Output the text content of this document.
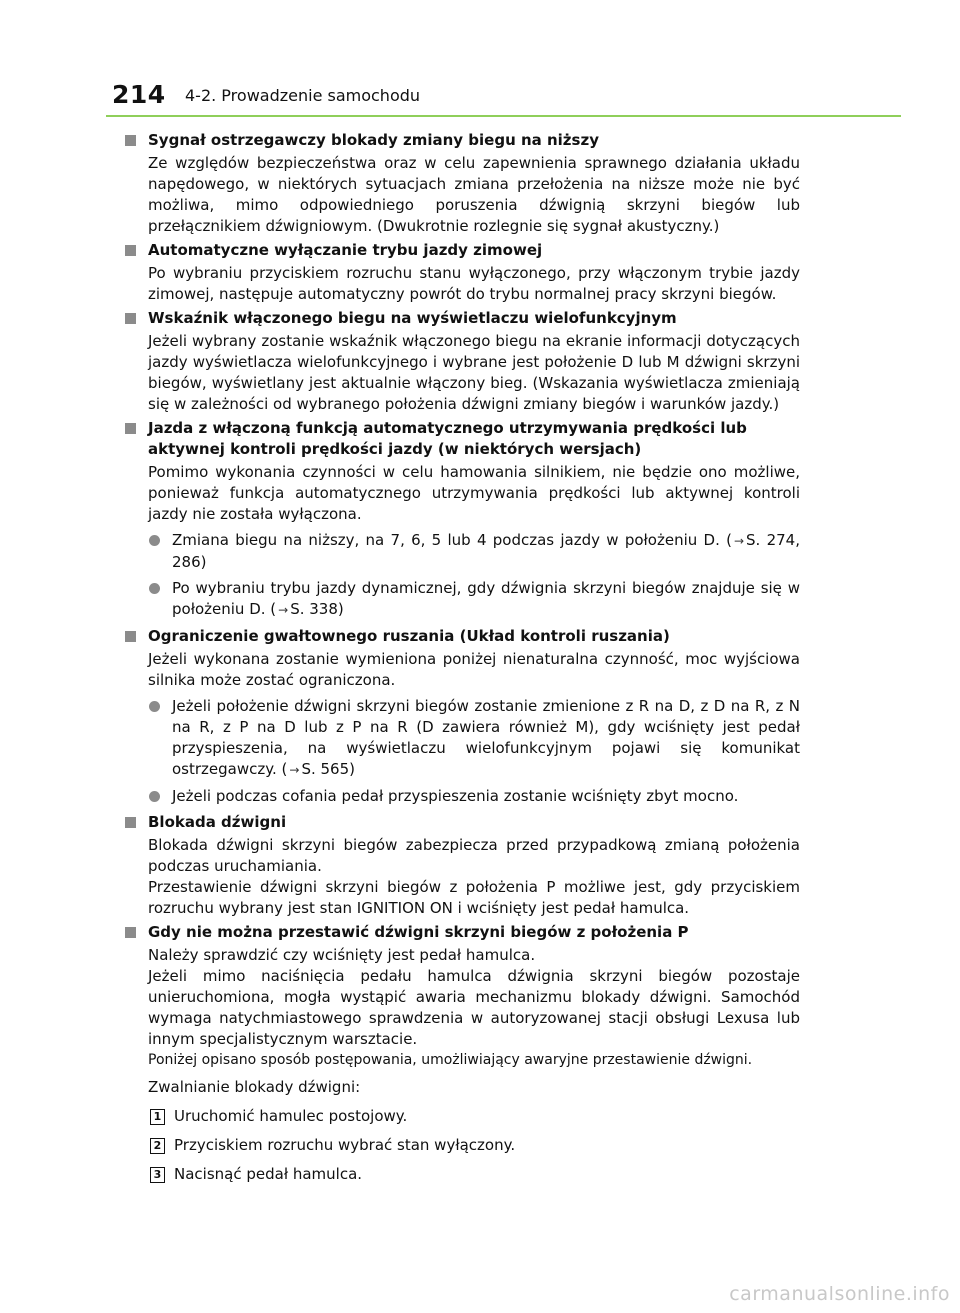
214 4-2. Prowadzenie samochodu
Sygnał ostrzegawczy blokady zmiany biegu na niższy
Ze względów bezpieczeństwa oraz w celu zapewnienia sprawnego działania układu napędowego, w niektórych sytuacjach zmiana przełożenia na niższe może nie być możliwa, mimo odpowiedniego poruszenia dźwignią skrzyni biegów lub przełącznikiem dźwigniowym. (Dwukrotnie rozlegnie się sygnał akustyczny.)
Automatyczne wyłączanie trybu jazdy zimowej
Po wybraniu przyciskiem rozruchu stanu wyłączonego, przy włączonym trybie jazdy zimowej, następuje automatyczny powrót do trybu normalnej pracy skrzyni biegów.
Wskaźnik włączonego biegu na wyświetlaczu wielofunkcyjnym
Jeżeli wybrany zostanie wskaźnik włączonego biegu na ekranie informacji dotyczących jazdy wyświetlacza wielofunkcyjnego i wybrane jest położenie D lub M dźwigni skrzyni biegów, wyświetlany jest aktualnie włączony bieg. (Wskazania wyświetlacza zmieniają się w zależności od wybranego położenia dźwigni zmiany biegów i warunków jazdy.)
Jazda z włączoną funkcją automatycznego utrzymywania prędkości lub aktywnej kontroli prędkości jazdy (w niektórych wersjach)
Pomimo wykonania czynności w celu hamowania silnikiem, nie będzie ono możliwe, ponieważ funkcja automatycznego utrzymywania prędkości lub aktywnej kontroli jazdy nie została wyłączona.
Zmiana biegu na niższy, na 7, 6, 5 lub 4 podczas jazdy w położeniu D. ( → S. 274, 286)
Po wybraniu trybu jazdy dynamicznej, gdy dźwignia skrzyni biegów znajduje się w położeniu D. ( → S. 338)
Ograniczenie gwałtownego ruszania (Układ kontroli ruszania)
Jeżeli wykonana zostanie wymieniona poniżej nienaturalna czynność, moc wyjściowa silnika może zostać ograniczona.
Jeżeli położenie dźwigni skrzyni biegów zostanie zmienione z R na D, z D na R, z N na R, z P na D lub z P na R (D zawiera również M), gdy wciśnięty jest pedał przyspieszenia, na wyświetlaczu wielofunkcyjnym pojawi się komunikat ostrzegawczy. ( → S. 565)
Jeżeli podczas cofania pedał przyspieszenia zostanie wciśnięty zbyt mocno.
Blokada dźwigni
Blokada dźwigni skrzyni biegów zabezpiecza przed przypadkową zmianą położenia podczas uruchamiania.
Przestawienie dźwigni skrzyni biegów z położenia P możliwe jest, gdy przyciskiem rozruchu wybrany jest stan IGNITION ON i wciśnięty jest pedał hamulca.
Gdy nie można przestawić dźwigni skrzyni biegów z położenia P
Należy sprawdzić czy wciśnięty jest pedał hamulca.
Jeżeli mimo naciśnięcia pedału hamulca dźwignia skrzyni biegów pozostaje unieruchomiona, mogła wystąpić awaria mechanizmu blokady dźwigni. Samochód wymaga natychmiastowego sprawdzenia w autoryzowanej stacji obsługi Lexusa lub innym specjalistycznym warsztacie.
Poniżej opisano sposób postępowania, umożliwiający awaryjne przestawienie dźwigni.
Zwalnianie blokady dźwigni:
1 Uruchomić hamulec postojowy.
2 Przyciskiem rozruchu wybrać stan wyłączony.
3 Nacisnąć pedał hamulca.
carmanualsonline.info
